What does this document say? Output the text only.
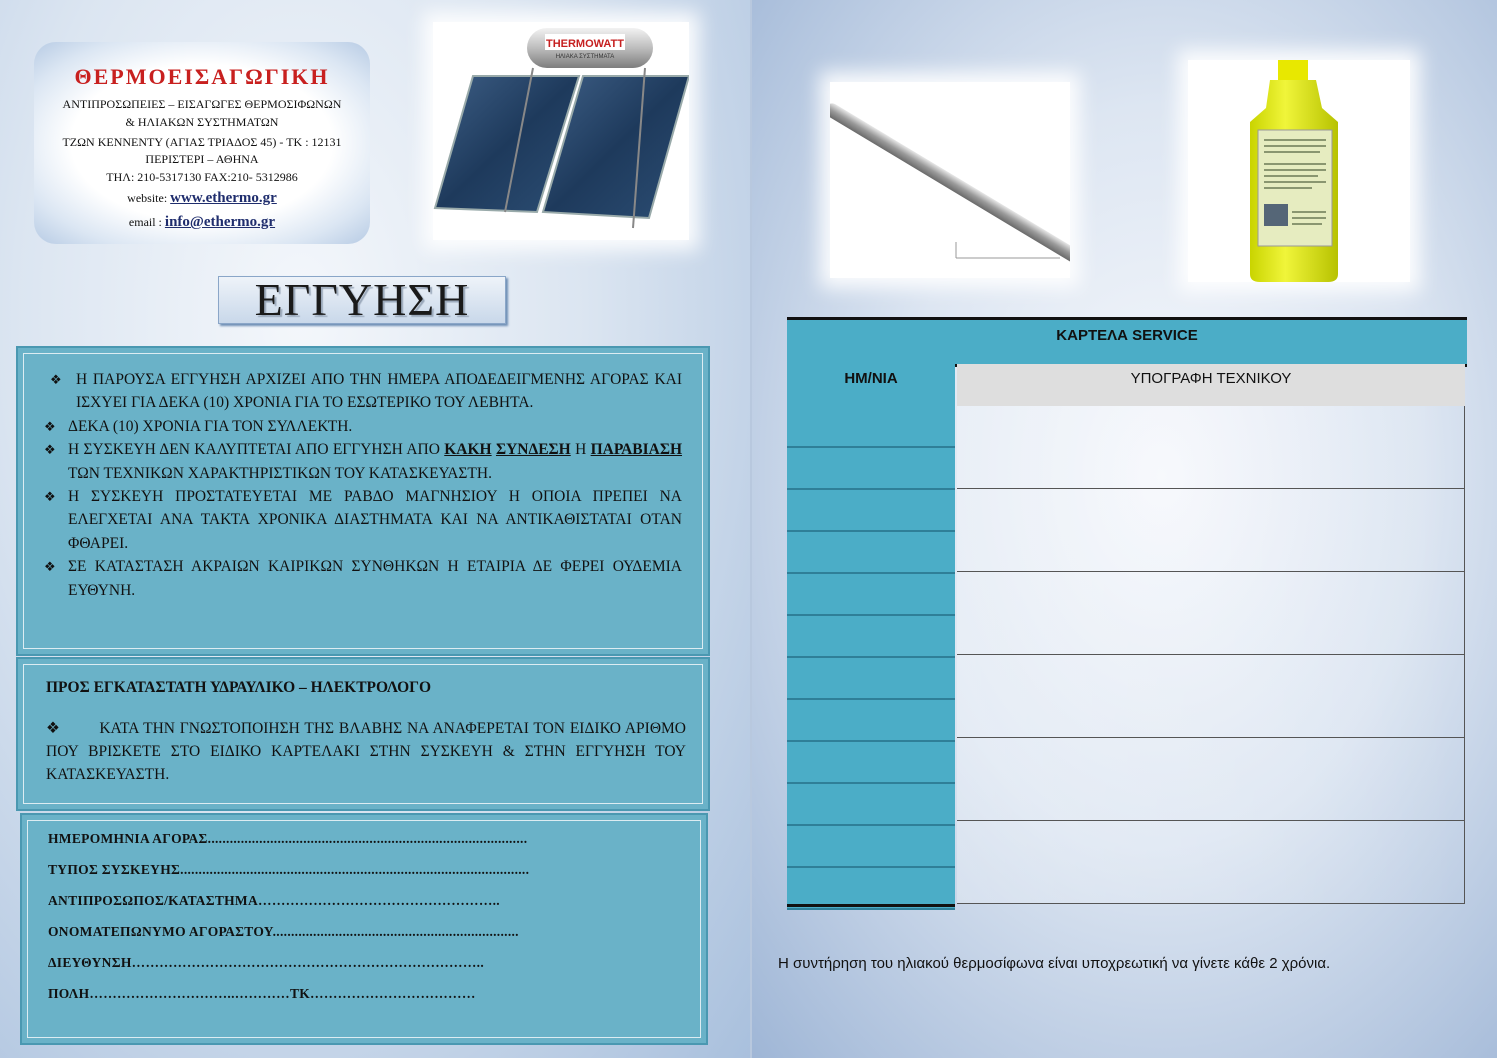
ΘΕΡΜΟΕΙΣΑΓΩΓΙΚΗ
ΑΝΤΙΠΡΟΣΩΠΕΙΕΣ – ΕΙΣΑΓΩΓΕΣ ΘΕΡΜΟΣΙΦΩΝΩΝ
& ΗΛΙΑΚΩΝ ΣΥΣΤΗΜΑΤΩΝ
ΤΖΩΝ ΚΕΝΝΕΝΤΥ (ΑΓΙΑΣ ΤΡΙΑΔΟΣ 45) - ΤΚ : 12131
ΠΕΡΙΣΤΕΡΙ – ΑΘΗΝΑ
ΤΗΛ: 210-5317130 FAX:210- 5312986
website: www.ethermo.gr
email : info@ethermo.gr
THERMOWATT
ΗΛΙΑΚΑ ΣΥΣΤΗΜΑΤΑ
ΕΓΓΥΗΣΗ
❖ Η ΠΑΡΟΥΣΑ ΕΓΓΥΗΣΗ ΑΡΧΙΖΕΙ ΑΠΟ ΤΗΝ ΗΜΕΡΑ ΑΠΟΔΕΔΕΙΓΜΕΝΗΣ ΑΓΟΡΑΣ ΚΑΙ ΙΣΧΥΕΙ ΓΙΑ ΔΕΚΑ (10) ΧΡΟΝΙΑ ΓΙΑ ΤΟ ΕΣΩΤΕΡΙΚΟ ΤΟΥ ΛΕΒΗΤΑ.
❖ ΔΕΚΑ (10) ΧΡΟΝΙΑ ΓΙΑ ΤΟΝ ΣΥΛΛΕΚΤΗ.
❖ Η ΣΥΣΚΕΥΗ ΔΕΝ ΚΑΛΥΠΤΕΤΑΙ ΑΠΟ ΕΓΓΥΗΣΗ ΑΠΟ ΚΑΚΗ ΣΥΝΔΕΣΗ Η ΠΑΡΑΒΙΑΣΗ ΤΩΝ ΤΕΧΝΙΚΩΝ ΧΑΡΑΚΤΗΡΙΣΤΙΚΩΝ ΤΟΥ ΚΑΤΑΣΚΕΥΑΣΤΗ.
❖ Η ΣΥΣΚΕΥΗ ΠΡΟΣΤΑΤΕΥΕΤΑΙ ΜΕ ΡΑΒΔΟ ΜΑΓΝΗΣΙΟΥ Η ΟΠΟΙΑ ΠΡΕΠΕΙ ΝΑ ΕΛΕΓΧΕΤΑΙ ΑΝΑ ΤΑΚΤΑ ΧΡΟΝΙΚΑ ΔΙΑΣΤΗΜΑΤΑ ΚΑΙ ΝΑ ΑΝΤΙΚΑΘΙΣΤΑΤΑΙ ΟΤΑΝ ΦΘΑΡΕΙ.
❖ ΣΕ ΚΑΤΑΣΤΑΣΗ ΑΚΡΑΙΩΝ ΚΑΙΡΙΚΩΝ ΣΥΝΘΗΚΩΝ Η ΕΤΑΙΡΙΑ ΔΕ ΦΕΡΕΙ ΟΥΔΕΜΙΑ ΕΥΘΥΝΗ.
ΠΡΟΣ ΕΓΚΑΤΑΣΤΑΤΗ ΥΔΡΑΥΛΙΚΟ – ΗΛΕΚΤΡΟΛΟΓΟ
❖        ΚΑΤΑ ΤΗΝ ΓΝΩΣΤΟΠΟΙΗΣΗ ΤΗΣ ΒΛΑΒΗΣ ΝΑ ΑΝΑΦΕΡΕΤΑΙ ΤΟΝ ΕΙΔΙΚΟ ΑΡΙΘΜΟ ΠΟΥ ΒΡΙΣΚΕΤΕ ΣΤΟ ΕΙΔΙΚΟ ΚΑΡΤΕΛΑΚΙ ΣΤΗΝ ΣΥΣΚΕΥΗ & ΣΤΗΝ ΕΓΓΥΗΣΗ ΤΟΥ ΚΑΤΑΣΚΕΥΑΣΤΗ.
ΗΜΕΡΟΜΗΝΙΑ ΑΓΟΡΑΣ.......................................................................................
ΤΥΠΟΣ ΣΥΣΚΕΥΗΣ...............................................................................................
ΑΝΤΙΠΡΟΣΩΠΟΣ/ΚΑΤΑΣΤΗΜΑ……………………………………………..
ΟΝΟΜΑΤΕΠΩΝΥΜΟ ΑΓΟΡΑΣΤΟΥ...................................................................
ΔΙΕΥΘΥΝΣΗ…………………………………………………………………..
ΠΟΛΗ…………………………..…………ΤΚ………………………………
ΚΑΡΤΕΛΑ SERVICE
ΗΜ/ΝΙΑ	ΥΠΟΓΡΑΦΗ ΤΕΧΝΙΚΟΥ
Η συντήρηση του ηλιακού θερμοσίφωνα είναι υποχρεωτική να γίνετε κάθε 2 χρόνια.
